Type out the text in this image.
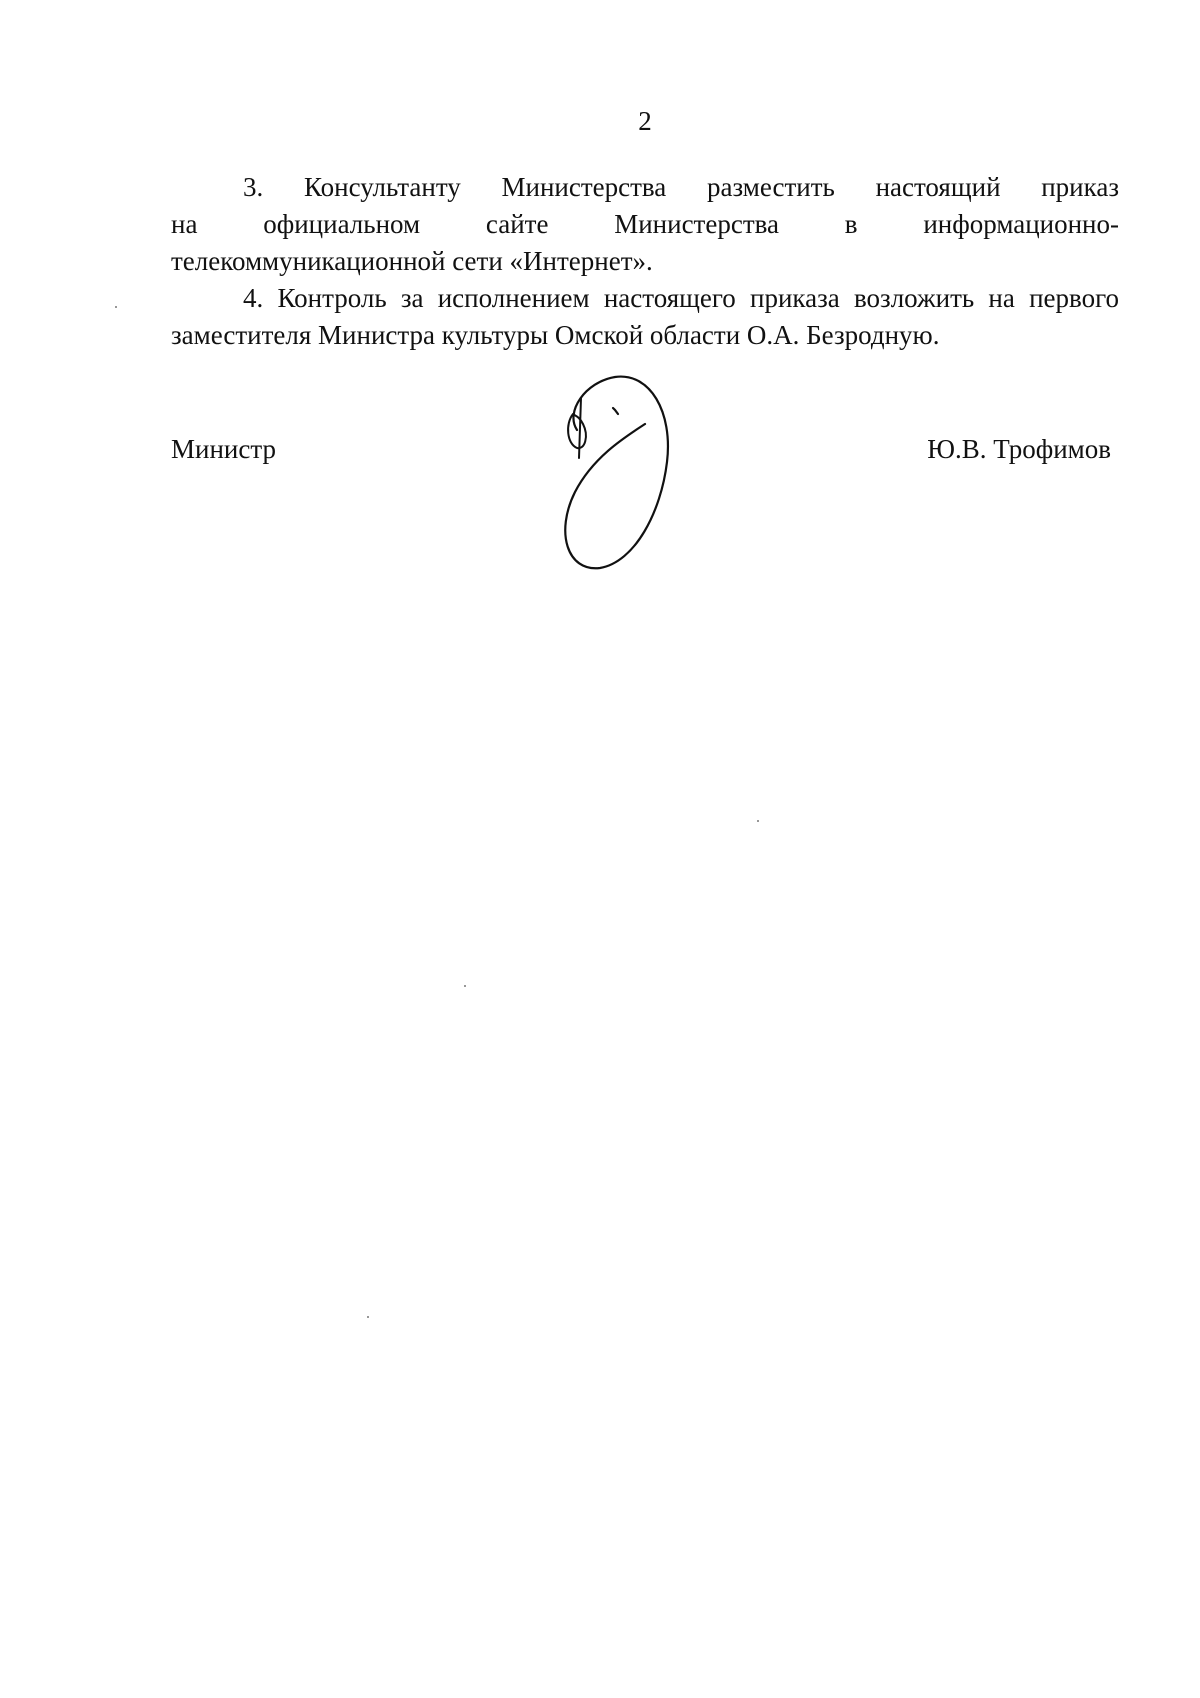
2

3. Консультанту Министерства разместить настоящий приказ
на официальном сайте Министерства в информационно-
телекоммуникационной сети «Интернет».

4. Контроль за исполнением настоящего приказа возложить на первого
заместителя Министра культуры Омской области О.А. Безродную.

Министр	Ю.В. Трофимов
